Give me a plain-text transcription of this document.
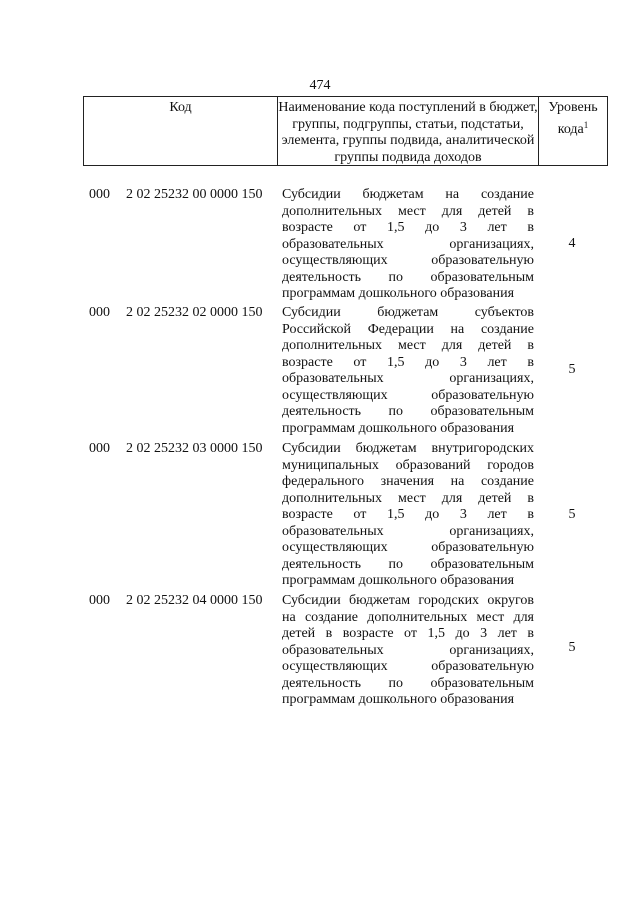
474
Код	Наименование кода поступлений в бюджет, группы, подгруппы, статьи, подстатьи, элемента, группы подвида, аналитической группы подвида доходов
Уровень кода$^1$
000 2 02 25232 00 0000 150 Субсидии бюджетам на создание дополнительных мест для детей в возрасте от 1,5 до 3 лет в образовательных организациях, осуществляющих образовательную деятельность по образовательным программам дошкольного образования
4
000 2 02 25232 02 0000 150 Субсидии бюджетам субъектов Российской Федерации на создание дополнительных мест для детей в возрасте от 1,5 до 3 лет в образовательных организациях, осуществляющих образовательную деятельность по образовательным программам дошкольного образования
5
000 2 02 25232 03 0000 150 Субсидии бюджетам внутригородских муниципальных образований городов федерального значения на создание дополнительных мест для детей в возрасте от 1,5 до 3 лет в образовательных организациях, осуществляющих образовательную деятельность по образовательным программам дошкольного образования
5
000 2 02 25232 04 0000 150 Субсидии бюджетам городских округов на создание дополнительных мест для детей в возрасте от 1,5 до 3 лет в образовательных организациях, осуществляющих образовательную деятельность по образовательным программам дошкольного образования
5
